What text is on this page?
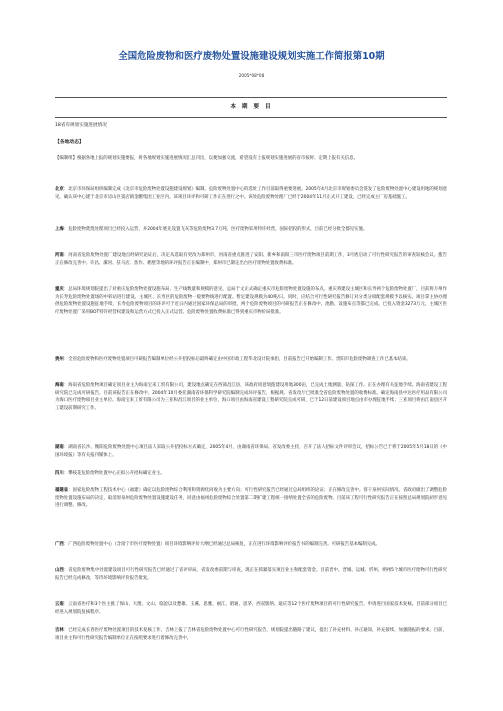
全国危险废物和医疗废物处置设施建设规划实施工作简报第10期
2005*08*08
本 期 要 目
18省有规划实施进展情况
【各地动态】
【编制组】根据各地上报的规划实施要报，将各地规划实施进展情况汇总刊出，以便加强交流，希望没有上报规划实施进展的省市按时、定期上报有关信息。
北京：北京市环保局组织编制完成《北京市危险废物处置设施建设规划》编制。危险废物处置中心的选址工作目前取得重要进展。2005年4月北京市规划委员会签发了危险废物处置中心建设用地的规划意见，确认该中心建于北京市房山区窦店镇金鹏集团工业区内。该项目环评和可研工作正在进行之中。该处危险废物处理厂已经于2004年11月正式开工建设，已经完成主厂房基础施工。
上海：危险废物焚烧处理项目已经投入运营，并2004年底先设置飞灰等危险废物3.7万吨，医疗废物采用特许经营，国际招投的形式，目前已经分批全都见实施。
河南：河南省危险废物处置厂建设地点经研究论证后，决定从选取有更改为郑州市，河南省重点推进了安阳、新乡和南阳三市医疗废物项目前期工作，3月底启动了可行性研究报告的审查较核会议。拨告正在修改完善中。许昌、漯河、驻马店、焦作、鹤壁等地的环评报告正在编制中，郑州市已制定出台医疗废物处置收费标准。
重庆：总局环境规划院提出了对重庆危险废物处置设施布局、生产线数量和规模的意见，总局于文正式确定重庆市危险废物处置设施的布点。重庆将建设主城区和长寿两个危险废物处置厂，目前将万州作为长寿危险废物处置场的中转站进行建设。主城区、长寿区的危险废物一般要物线进行配置。暂定建设规模为40吨/日。同时，应结合可行性研究报告修订对分类分项配套规模予以核实。项目拿主协办理供危险废物处置设施征地手续，长寿危险废物项目的环评可于近日内通过国家环保总局的审批，两个危险废物项目的可研报告正在修改中。池勘、设施布点等都已完成。已投入资金3273万元，主城区医疗废物处置厂采用BOT特许经营权建设和运营方式已投入正式运营。危险废物处置收费标准已得到重庆市物价局批准。
贵州：全省危险废物和医疗废物处置项目可研报告编制单位经公开招投标后最终确定由中国市政工程华北设计院承担，目前报告已开始编制工作。贵阳市危险废物调查工作已基本结束。
海南：海南省危险废物项目确定项目业主为海南宝来工贸有限公司，建设地点确定在西部昌江县，该政府同意划拨建设用地300亩，已完成土地测量、钻探工作。正在办理有关征地手续。海南省建设工程研究院已完成可研报告，目前该报告正在修改中。2004年10月委托湖南省环保科学研究院编制完成环评报告，根据规。省发改厅已批准全省危险废物处置的收费标准。确定海南县中达医疗用品有限公司为海口医疗废物项目业主单位。海南宝来工贸有限公司为三亚和昌江项目的业主单位，海口项目由海南省建设工程研究院完成可研，已于12日前建设项目地点由市办理征地手续；三亚项目将由江南县区开工建设前期研究工作。
湖南：湖南省长沙、衡阳危险废物处置中心项目法人采取公开招投标方式确定，2005年4月，由湖南省环保局、省发改委主持，召开了法人招标文件评审会议，招标公告已于将于2005年5月18日的《中国环境报》等有关报刊媒体上。
四川：攀枝花危险废物处置中心正拟公开招标确定业主。
福建省：国家危险废物工程技术中心（福建）确定以危险废物综合利用和资源化回收为主要方向；可行性研究报告已经通过总局组织的论证；正在修改完善中。客干泉州实际情况，省政府做出了调整危险废物处置设施布局的决定，取消原泉州危险废物处置设施建设任务，同意由福州危险废物综合处置第二期扩建工程统一接纳处置全省的危险废物。目前该工程可行性研究报告正在按照总局规划院初步意见进行调整、修改。
广西：广西危险废物处置中心（含南宁市医疗废物处置）项目环境影响评价大纲已经通过总局核复，正在进行环境影响评价报告书的编制完善。可研报告基本编制完成。
山西：省危险废物集中处置建设项目可行性研究报告已经通过了省评审局。省发改委前期与审查，现正在抓紧落实项目业主和配套资金。目前晋中、晋城、运城、忻州、朔州5个城市医疗废物可行性研究报告已经完成修改，等待环境影响评价报告批复。
云南：云南省医疗和3个医主推了保山、大理、文山、临沧以及楚雄、玉溪、思雅、丽江、昭通、思茅、西双版纳、迪庆等12个医疗废物项目的可行性研究报告，申请进行国家技术复核。目前部分项目已经进入规划院复核程序。
吉林：已经完成长春医疗废物处置项目的技术复核工作，吉林上报了吉林省危险废物处置中心可行性研究报告，规划院提出随路了建议，提出了补充材料、补正通知，补充接续、加强随报的要求。目前，项目业主和可行性研究报告编制单位正在按照要求进行着修改完善中。
